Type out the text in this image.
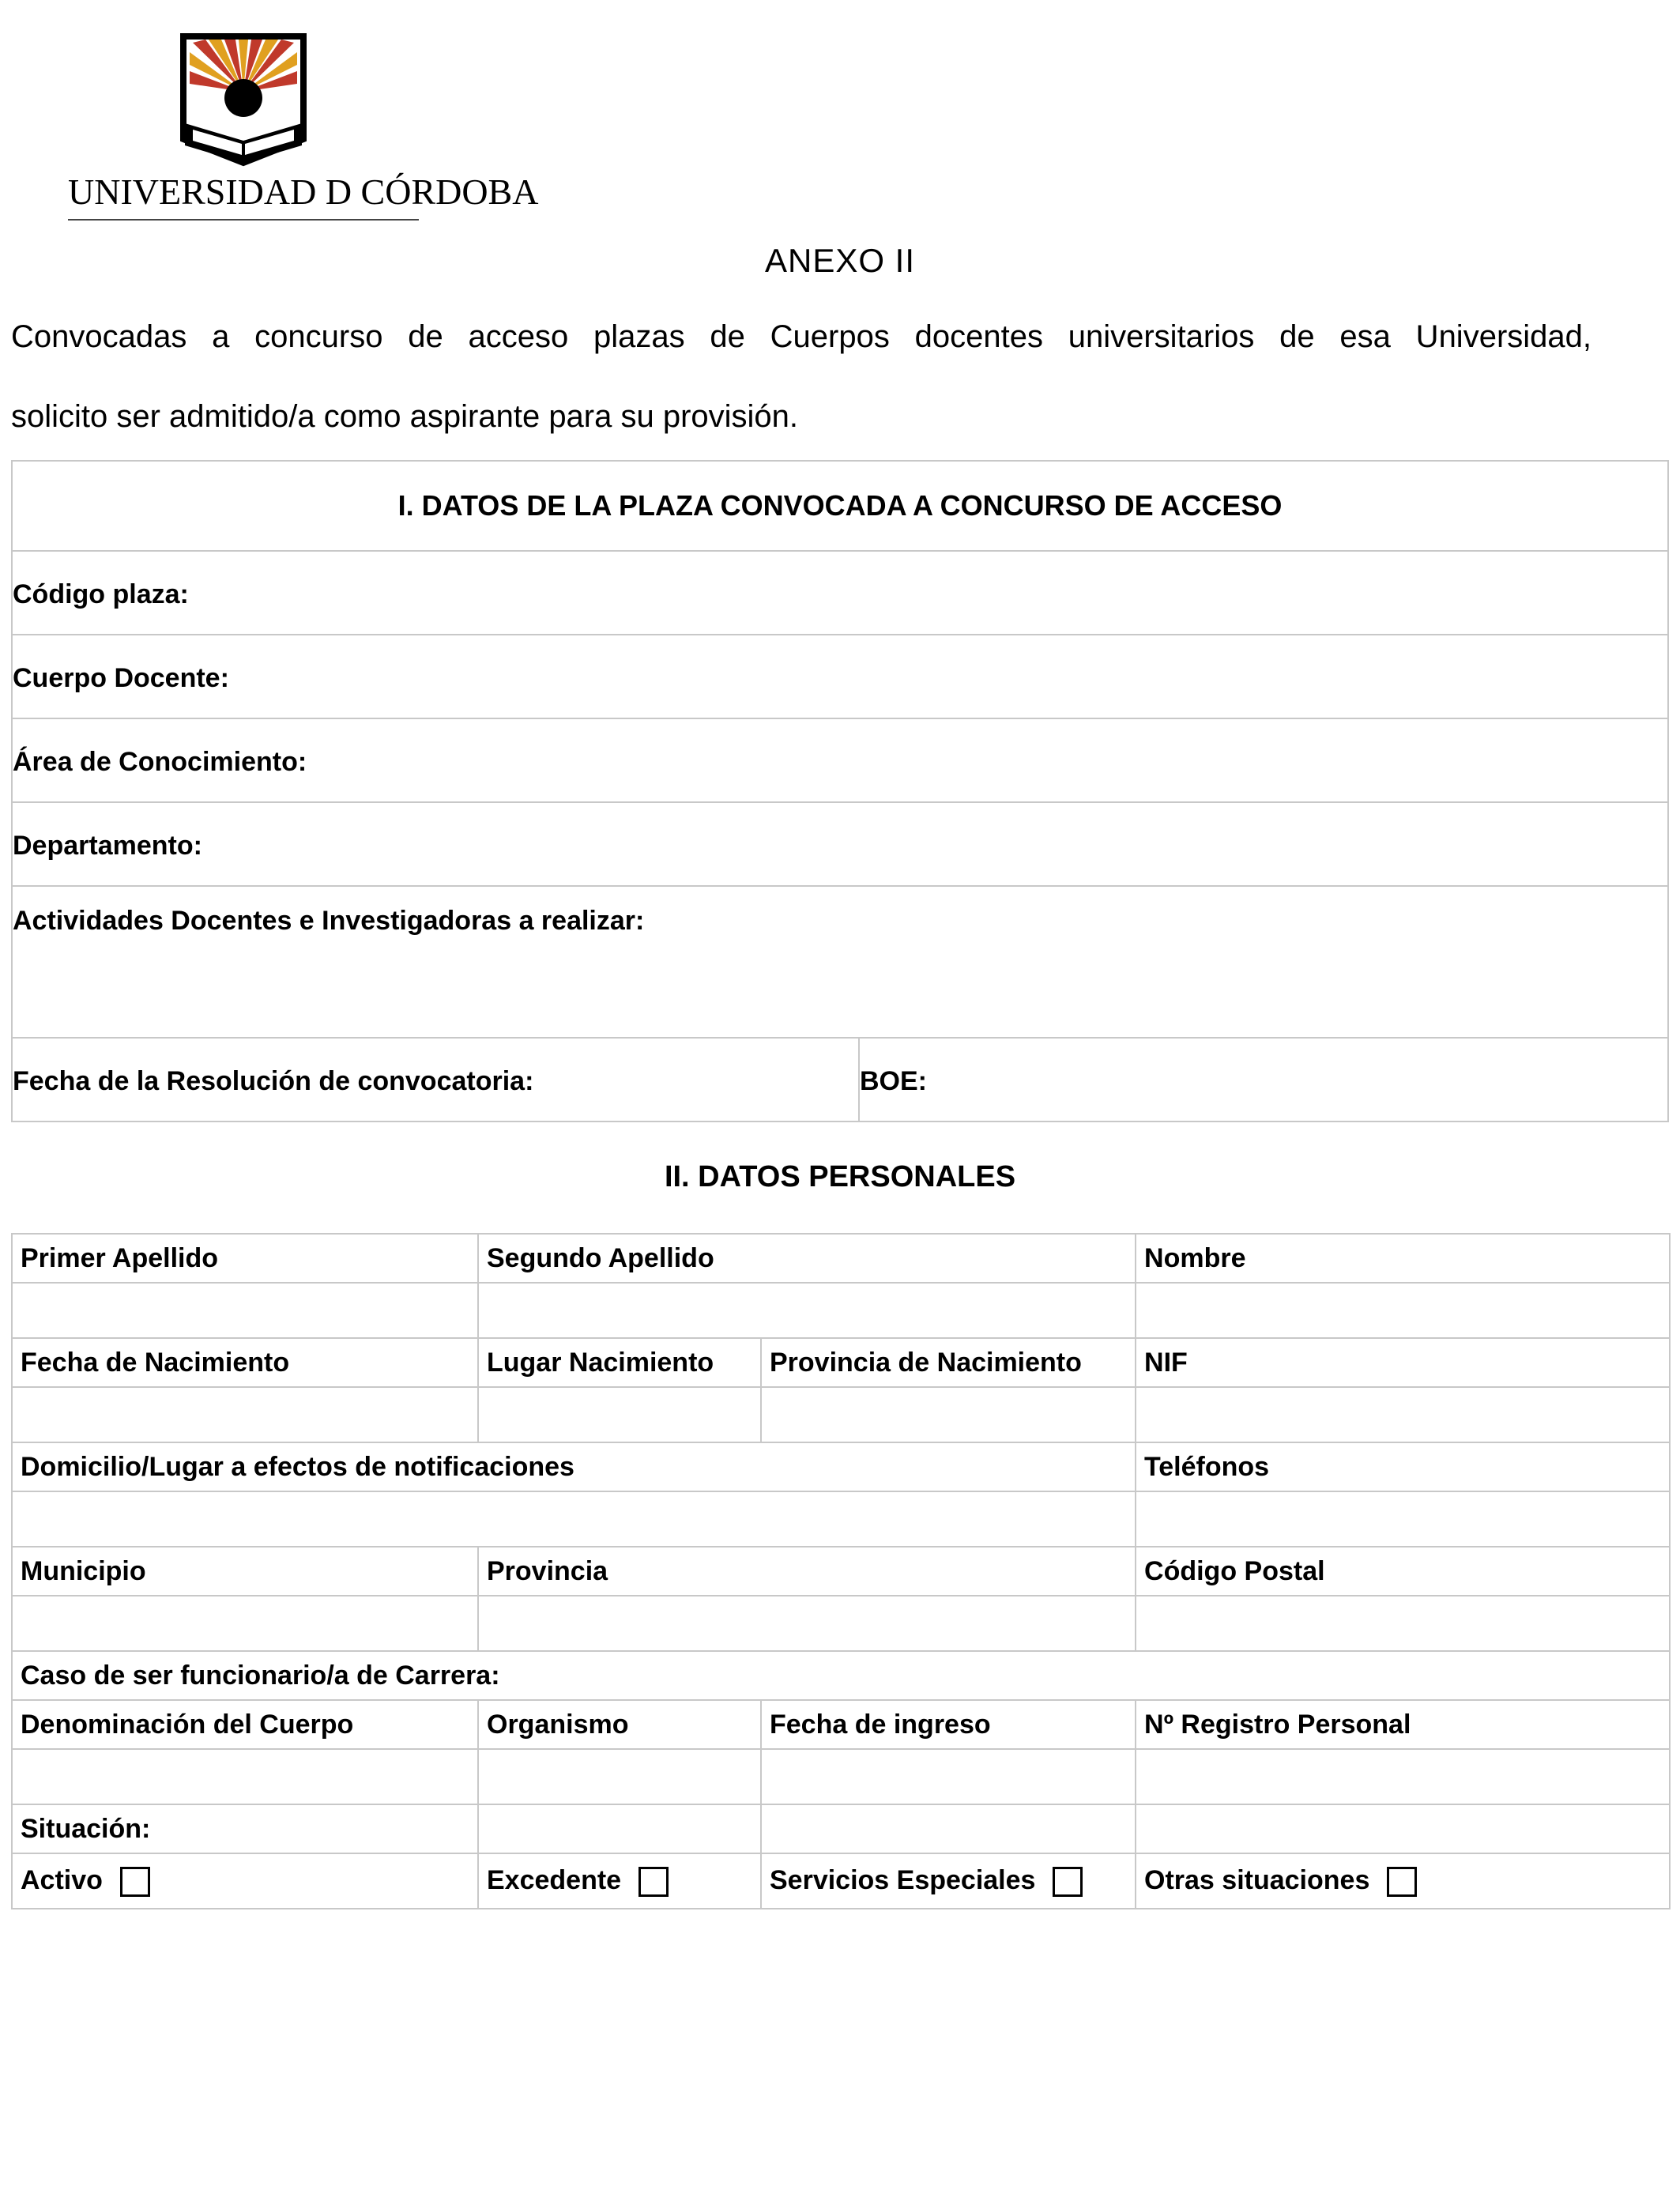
UNIVERSIDAD D CÓRDOBA
ANEXO II
Convocadas a concurso de acceso plazas de Cuerpos docentes universitarios de esa Universidad,
solicito ser admitido/a como aspirante para su provisión.
I. DATOS DE LA PLAZA CONVOCADA A CONCURSO DE ACCESO
Código plaza:
Cuerpo Docente:
Área de Conocimiento:
Departamento:
Actividades Docentes e Investigadoras a realizar:
Fecha de la Resolución de convocatoria:	BOE:
II. DATOS PERSONALES
Primer Apellido	Segundo Apellido		Nombre

Fecha de Nacimiento	Lugar Nacimiento	Provincia de Nacimiento	NIF

Domicilio/Lugar a efectos de notificaciones			Teléfonos

Municipio	Provincia		Código Postal

Caso de ser funcionario/a de Carrera:			
Denominación del Cuerpo	Organismo	Fecha de ingreso	Nº Registro Personal

Situación:			
Activo	Excedente	Servicios Especiales	Otras situaciones
